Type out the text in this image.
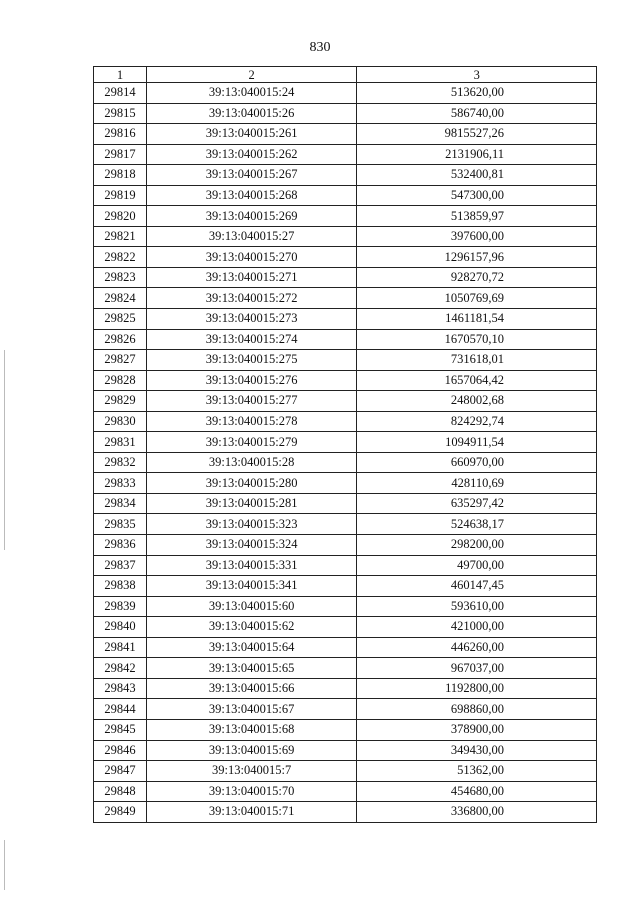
830
1	2	3
29814	39:13:040015:24	513620,00
29815	39:13:040015:26	586740,00
29816	39:13:040015:261	9815527,26
29817	39:13:040015:262	2131906,11
29818	39:13:040015:267	532400,81
29819	39:13:040015:268	547300,00
29820	39:13:040015:269	513859,97
29821	39:13:040015:27	397600,00
29822	39:13:040015:270	1296157,96
29823	39:13:040015:271	928270,72
29824	39:13:040015:272	1050769,69
29825	39:13:040015:273	1461181,54
29826	39:13:040015:274	1670570,10
29827	39:13:040015:275	731618,01
29828	39:13:040015:276	1657064,42
29829	39:13:040015:277	248002,68
29830	39:13:040015:278	824292,74
29831	39:13:040015:279	1094911,54
29832	39:13:040015:28	660970,00
29833	39:13:040015:280	428110,69
29834	39:13:040015:281	635297,42
29835	39:13:040015:323	524638,17
29836	39:13:040015:324	298200,00
29837	39:13:040015:331	49700,00
29838	39:13:040015:341	460147,45
29839	39:13:040015:60	593610,00
29840	39:13:040015:62	421000,00
29841	39:13:040015:64	446260,00
29842	39:13:040015:65	967037,00
29843	39:13:040015:66	1192800,00
29844	39:13:040015:67	698860,00
29845	39:13:040015:68	378900,00
29846	39:13:040015:69	349430,00
29847	39:13:040015:7	51362,00
29848	39:13:040015:70	454680,00
29849	39:13:040015:71	336800,00
